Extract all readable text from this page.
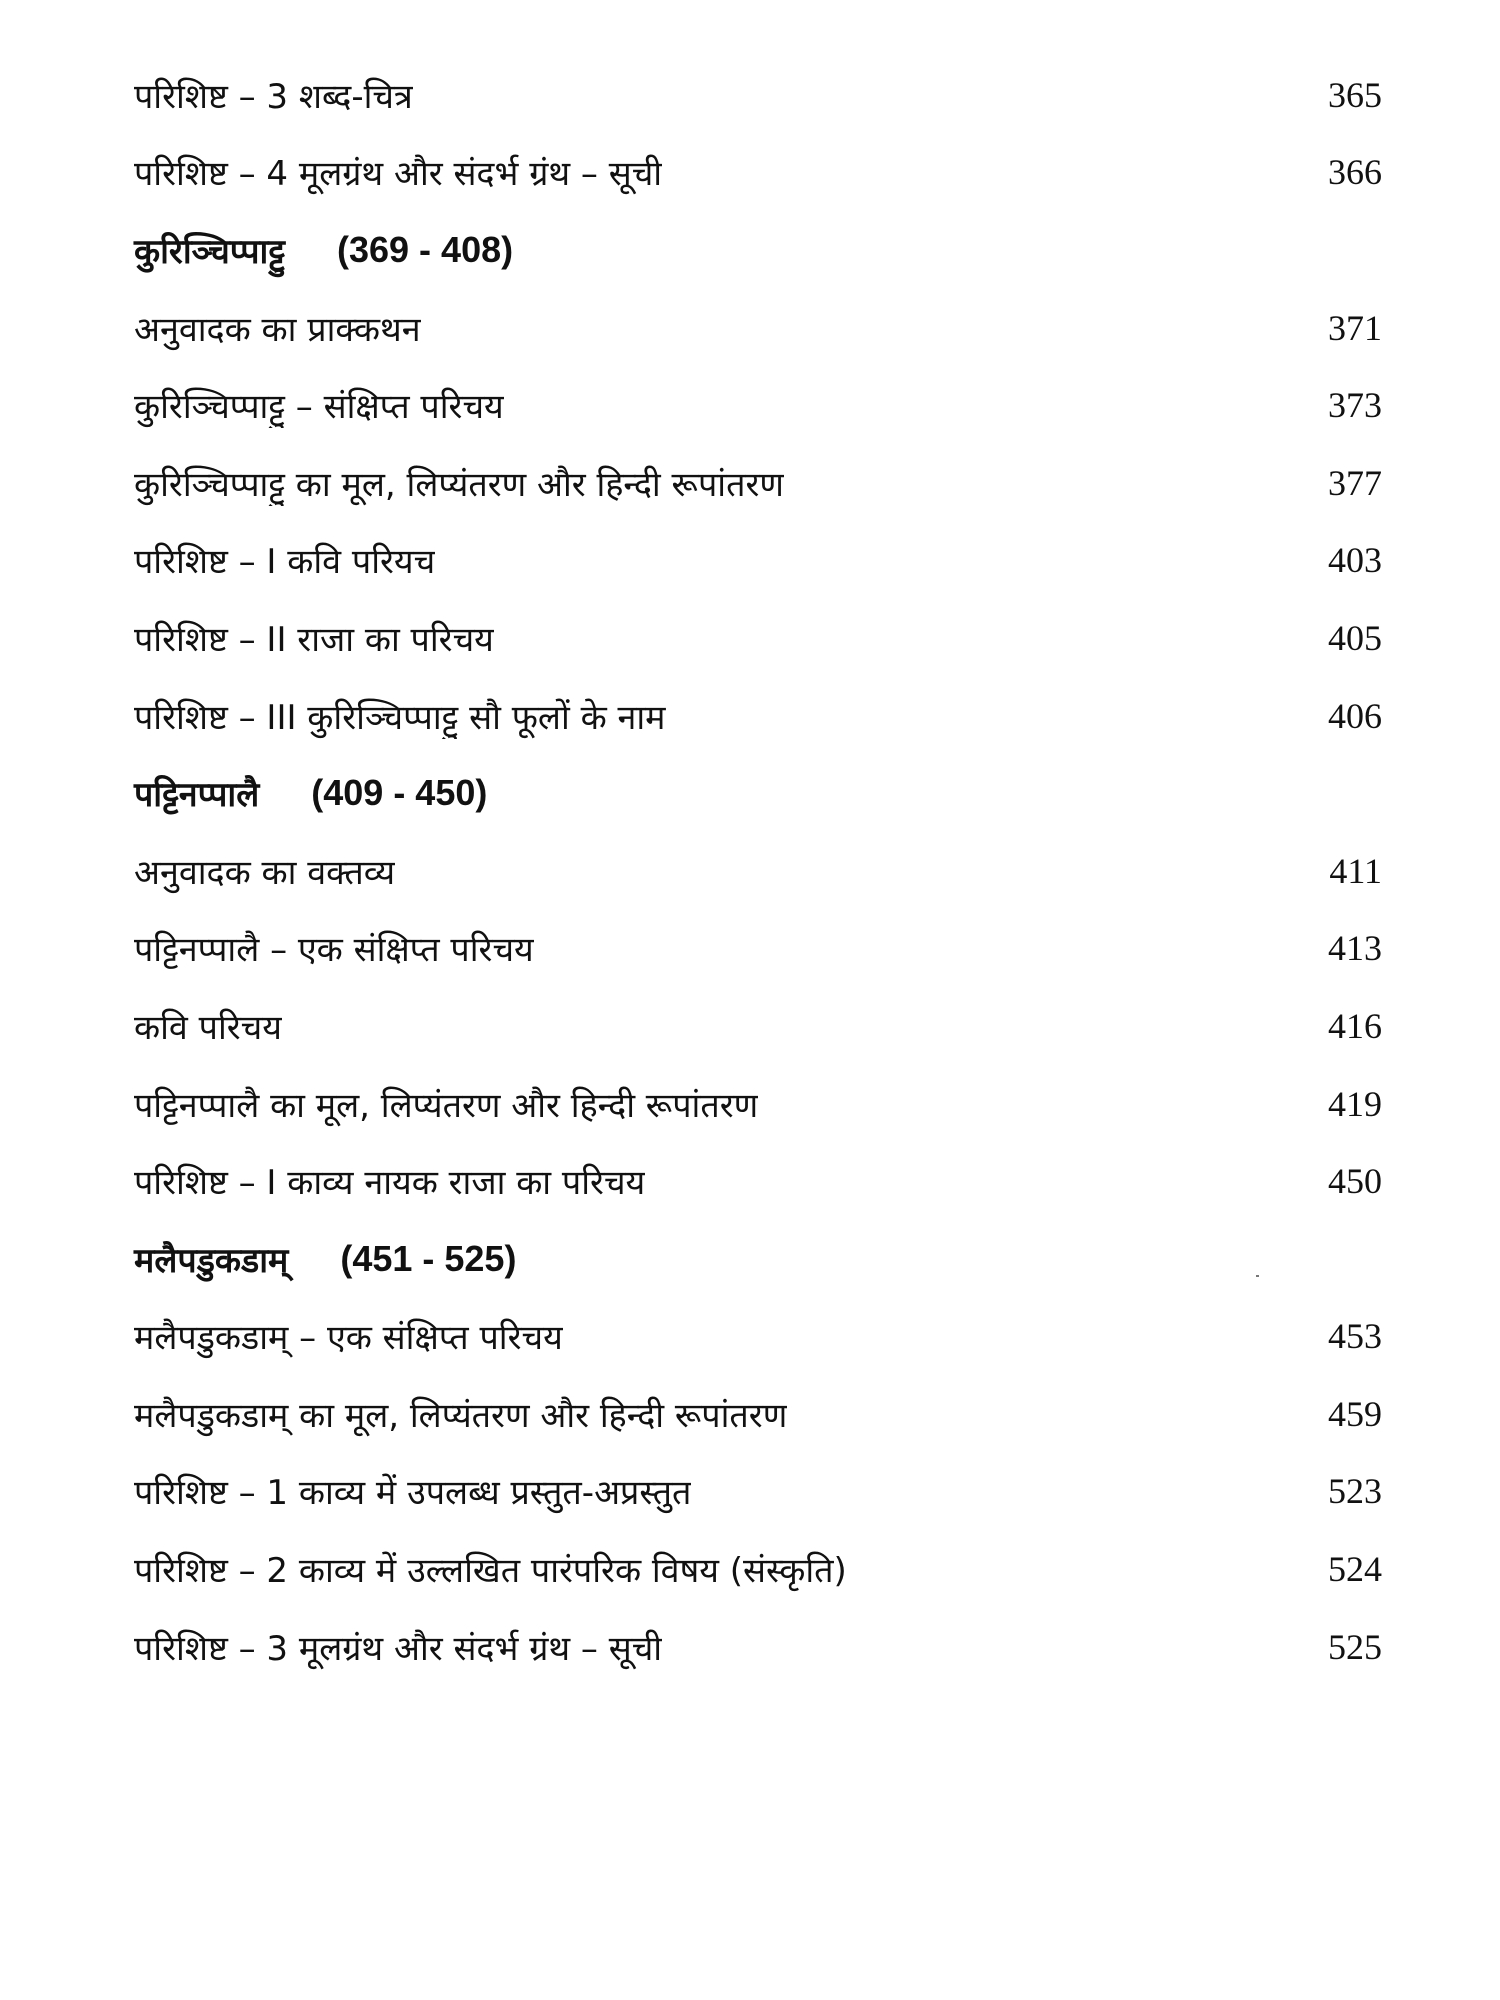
परिशिष्ट – 3 शब्द-चित्र	365
परिशिष्ट – 4 मूलग्रंथ और संदर्भ ग्रंथ – सूची	366
कुरिञ्चिप्पाट्टु (369 - 408)
अनुवादक का प्राक्कथन	371
कुरिञ्चिप्पाट्टु – संक्षिप्त परिचय	373
कुरिञ्चिप्पाट्टु का मूल, लिप्यंतरण और हिन्दी रूपांतरण	377
परिशिष्ट – I कवि परियच	403
परिशिष्ट – II राजा का परिचय	405
परिशिष्ट – III कुरिञ्चिप्पाट्टु सौ फूलों के नाम	406
पट्टिनप्पालै (409 - 450)
अनुवादक का वक्तव्य	411
पट्टिनप्पालै – एक संक्षिप्त परिचय	413
कवि परिचय	416
पट्टिनप्पालै का मूल, लिप्यंतरण और हिन्दी रूपांतरण	419
परिशिष्ट – I काव्य नायक राजा का परिचय	450
मलैपडुकडाम् (451 - 525)
मलैपडुकडाम् – एक संक्षिप्त परिचय	453
मलैपडुकडाम् का मूल, लिप्यंतरण और हिन्दी रूपांतरण	459
परिशिष्ट – 1 काव्य में उपलब्ध प्रस्तुत-अप्रस्तुत	523
परिशिष्ट – 2 काव्य में उल्लखित पारंपरिक विषय (संस्कृति)	524
परिशिष्ट – 3 मूलग्रंथ और संदर्भ ग्रंथ – सूची	525
